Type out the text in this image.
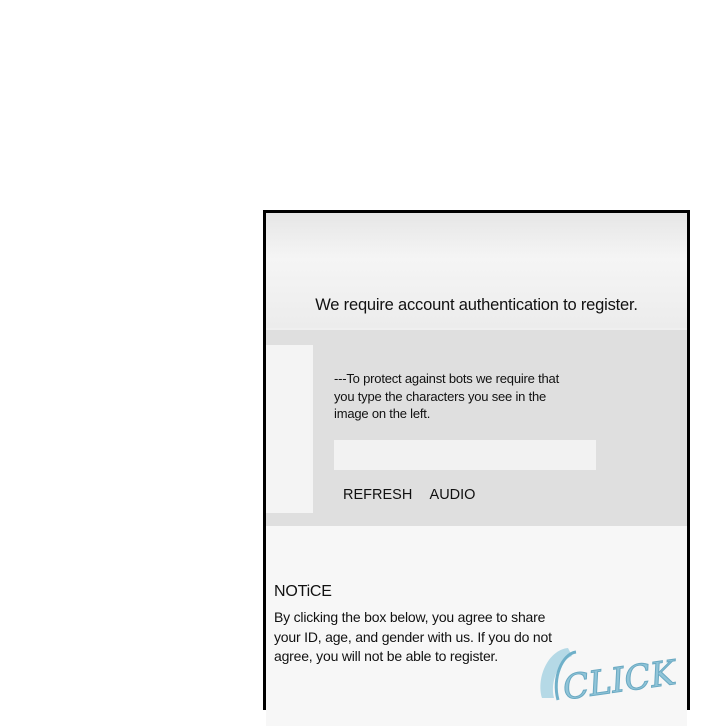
We require account authentication to register.
---To protect against bots we require that you type the characters you see in the image on the left.
REFRESH AUDIO
NOTiCE
By clicking the box below, you agree to share your ID, age, and gender with us. If you do not agree, you will not be able to register.	CLICK
